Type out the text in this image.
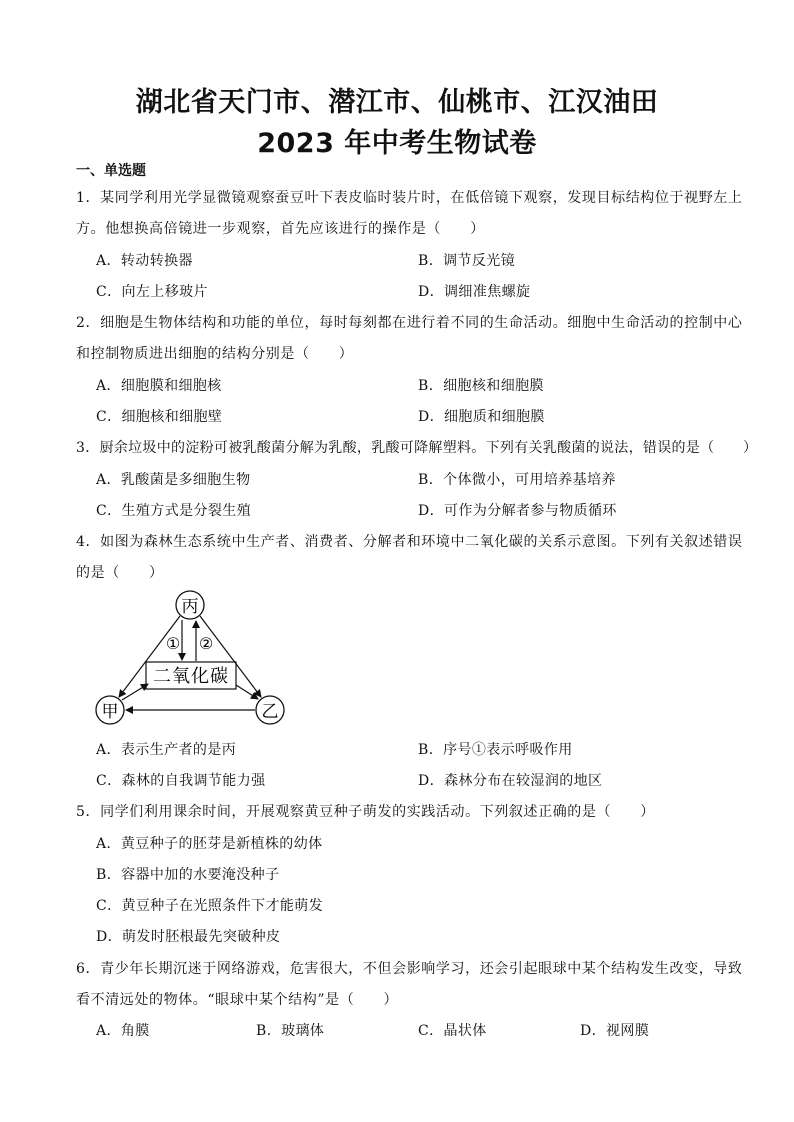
湖北省天门市、潜江市、仙桃市、江汉油田
2023 年中考生物试卷
一、单选题
1．某同学利用光学显微镜观察蚕豆叶下表皮临时装片时，在低倍镜下观察，发现目标结构位于视野左上
方。他想换高倍镜进一步观察，首先应该进行的操作是（　　）
A．转动转换器	B．调节反光镜
C．向左上移玻片	D．调细准焦螺旋
2．细胞是生物体结构和功能的单位，每时每刻都在进行着不同的生命活动。细胞中生命活动的控制中心
和控制物质进出细胞的结构分别是（　　）
A．细胞膜和细胞核	B．细胞核和细胞膜
C．细胞核和细胞壁	D．细胞质和细胞膜
3．厨余垃圾中的淀粉可被乳酸菌分解为乳酸，乳酸可降解塑料。下列有关乳酸菌的说法，错误的是（　　）
A．乳酸菌是多细胞生物	B．个体微小，可用培养基培养
C．生殖方式是分裂生殖	D．可作为分解者参与物质循环
4．如图为森林生态系统中生产者、消费者、分解者和环境中二氧化碳的关系示意图。下列有关叙述错误
的是（　　）
丙
甲	乙
二氧化碳
① ②
A．表示生产者的是丙	B．序号①表示呼吸作用
C．森林的自我调节能力强	D．森林分布在较湿润的地区
5．同学们利用课余时间，开展观察黄豆种子萌发的实践活动。下列叙述正确的是（　　）
A．黄豆种子的胚芽是新植株的幼体
B．容器中加的水要淹没种子
C．黄豆种子在光照条件下才能萌发
D．萌发时胚根最先突破种皮
6．青少年长期沉迷于网络游戏，危害很大，不但会影响学习，还会引起眼球中某个结构发生改变，导致
看不清远处的物体。“眼球中某个结构”是（　　）
A．角膜	B．玻璃体	C．晶状体	D．视网膜
